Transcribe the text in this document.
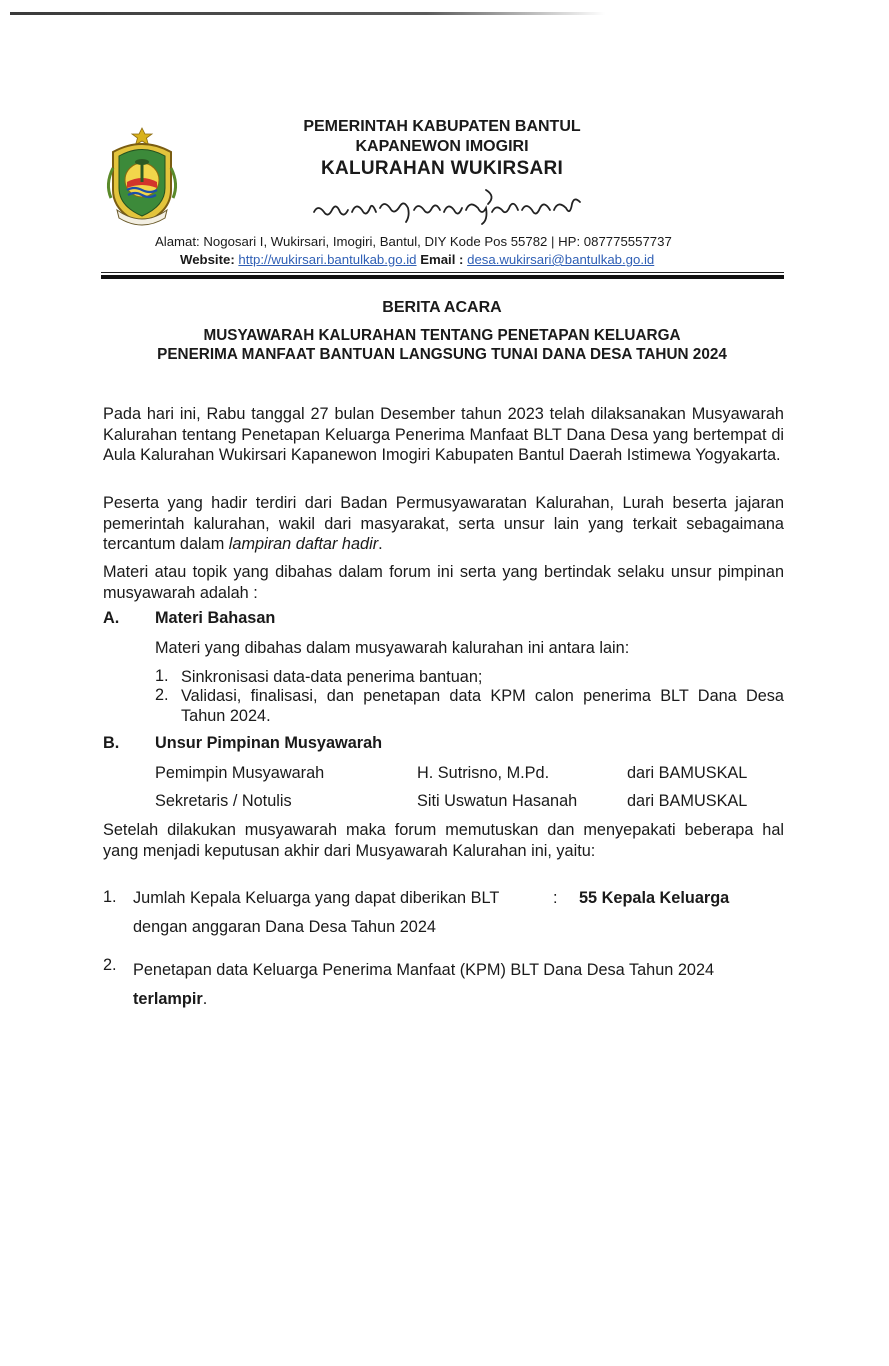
PEMERINTAH KABUPATEN BANTUL
KAPANEWON IMOGIRI
KALURAHAN WUKIRSARI
Alamat: Nogosari I, Wukirsari, Imogiri, Bantul, DIY Kode Pos 55782 | HP: 087775557737
Website: http://wukirsari.bantulkab.go.id Email : desa.wukirsari@bantulkab.go.id
BERITA ACARA
MUSYAWARAH KALURAHAN TENTANG PENETAPAN KELUARGA
PENERIMA MANFAAT BANTUAN LANGSUNG TUNAI DANA DESA TAHUN 2024
Pada hari ini, Rabu tanggal 27 bulan Desember tahun 2023 telah dilaksanakan Musyawarah Kalurahan tentang Penetapan Keluarga Penerima Manfaat BLT Dana Desa yang bertempat di Aula Kalurahan Wukirsari Kapanewon Imogiri Kabupaten Bantul Daerah Istimewa Yogyakarta.
Peserta yang hadir terdiri dari Badan Permusyawaratan Kalurahan, Lurah beserta jajaran pemerintah kalurahan, wakil dari masyarakat, serta unsur lain yang terkait sebagaimana tercantum dalam lampiran daftar hadir.
Materi atau topik yang dibahas dalam forum ini serta yang bertindak selaku unsur pimpinan musyawarah adalah :
A. Materi Bahasan
Materi yang dibahas dalam musyawarah kalurahan ini antara lain:
1. Sinkronisasi data-data penerima bantuan;
2. Validasi, finalisasi, dan penetapan data KPM calon penerima BLT Dana Desa Tahun 2024.
B. Unsur Pimpinan Musyawarah
Pemimpin Musyawarah	H. Sutrisno, M.Pd.	dari BAMUSKAL
Sekretaris / Notulis	Siti Uswatun Hasanah	dari BAMUSKAL
Setelah dilakukan musyawarah maka forum memutuskan dan menyepakati beberapa hal yang menjadi keputusan akhir dari Musyawarah Kalurahan ini, yaitu:
1. Jumlah Kepala Keluarga yang dapat diberikan BLT	: 55 Kepala Keluarga
dengan anggaran Dana Desa Tahun 2024
2. Penetapan data Keluarga Penerima Manfaat (KPM) BLT Dana Desa Tahun 2024
terlampir.
